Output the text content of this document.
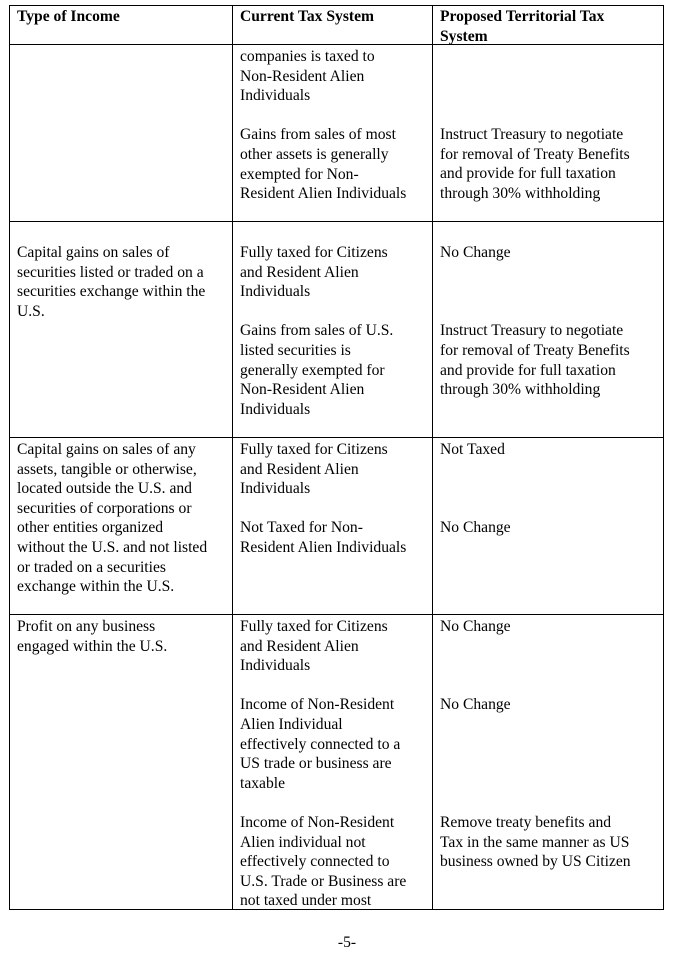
Type of Income	Current Tax System	Proposed Territorial Tax
System

companies is taxed to
Non-Resident Alien
Individuals

Gains from sales of most
other assets is generally
exempted for Non-
Resident Alien Individuals

Instruct Treasury to negotiate
for removal of Treaty Benefits
and provide for full taxation
through 30% withholding

Capital gains on sales of
securities listed or traded on a
securities exchange within the
U.S.

Fully taxed for Citizens
and Resident Alien
Individuals

Gains from sales of U.S.
listed securities is
generally exempted for
Non-Resident Alien
Individuals

No Change

Instruct Treasury to negotiate
for removal of Treaty Benefits
and provide for full taxation
through 30% withholding

Capital gains on sales of any
assets, tangible or otherwise,
located outside the U.S. and
securities of corporations or
other entities organized
without the U.S. and not listed
or traded on a securities
exchange within the U.S.

Fully taxed for Citizens
and Resident Alien
Individuals

Not Taxed for Non-
Resident Alien Individuals

Not Taxed

No Change

Profit on any business
engaged within the U.S.

Fully taxed for Citizens
and Resident Alien
Individuals

Income of Non-Resident
Alien Individual
effectively connected to a
US trade or business are
taxable

Income of Non-Resident
Alien individual not
effectively connected to
U.S. Trade or Business are
not taxed under most

No Change

No Change

Remove treaty benefits and
Tax in the same manner as US
business owned by US Citizen

-5-
